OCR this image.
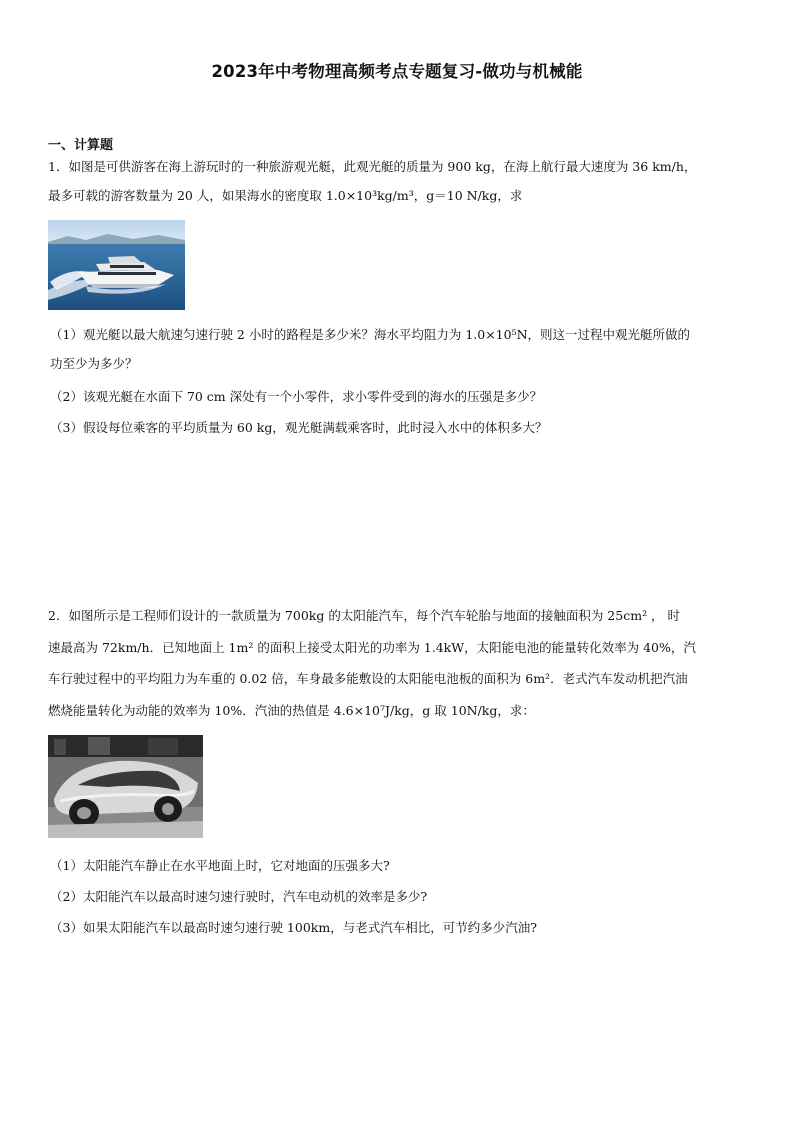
2023年中考物理高频考点专题复习-做功与机械能
一、计算题
1．如图是可供游客在海上游玩时的一种旅游观光艇，此观光艇的质量为 900 kg，在海上航行最大速度为 36 km/h，
最多可载的游客数量为 20 人，如果海水的密度取 1.0×10³kg/m³，g＝10 N/kg，求
（1）观光艇以最大航速匀速行驶 2 小时的路程是多少米？海水平均阻力为 1.0×10⁵N，则这一过程中观光艇所做的
功至少为多少？
（2）该观光艇在水面下 70 cm 深处有一个小零件，求小零件受到的海水的压强是多少？
（3）假设每位乘客的平均质量为 60 kg，观光艇满载乘客时，此时浸入水中的体积多大？
2．如图所示是工程师们设计的一款质量为 700kg 的太阳能汽车，每个汽车轮胎与地面的接触面积为 25cm² ， 时
速最高为 72km/h．已知地面上 1m² 的面积上接受太阳光的功率为 1.4kW，太阳能电池的能量转化效率为 40%，汽
车行驶过程中的平均阻力为车重的 0.02 倍，车身最多能敷设的太阳能电池板的面积为 6m²．老式汽车发动机把汽油
燃烧能量转化为动能的效率为 10%．汽油的热值是 4.6×10⁷J/kg，g 取 10N/kg，求：
（1）太阳能汽车静止在水平地面上时，它对地面的压强多大?
（2）太阳能汽车以最高时速匀速行驶时，汽车电动机的效率是多少?
（3）如果太阳能汽车以最高时速匀速行驶 100km，与老式汽车相比，可节约多少汽油?
